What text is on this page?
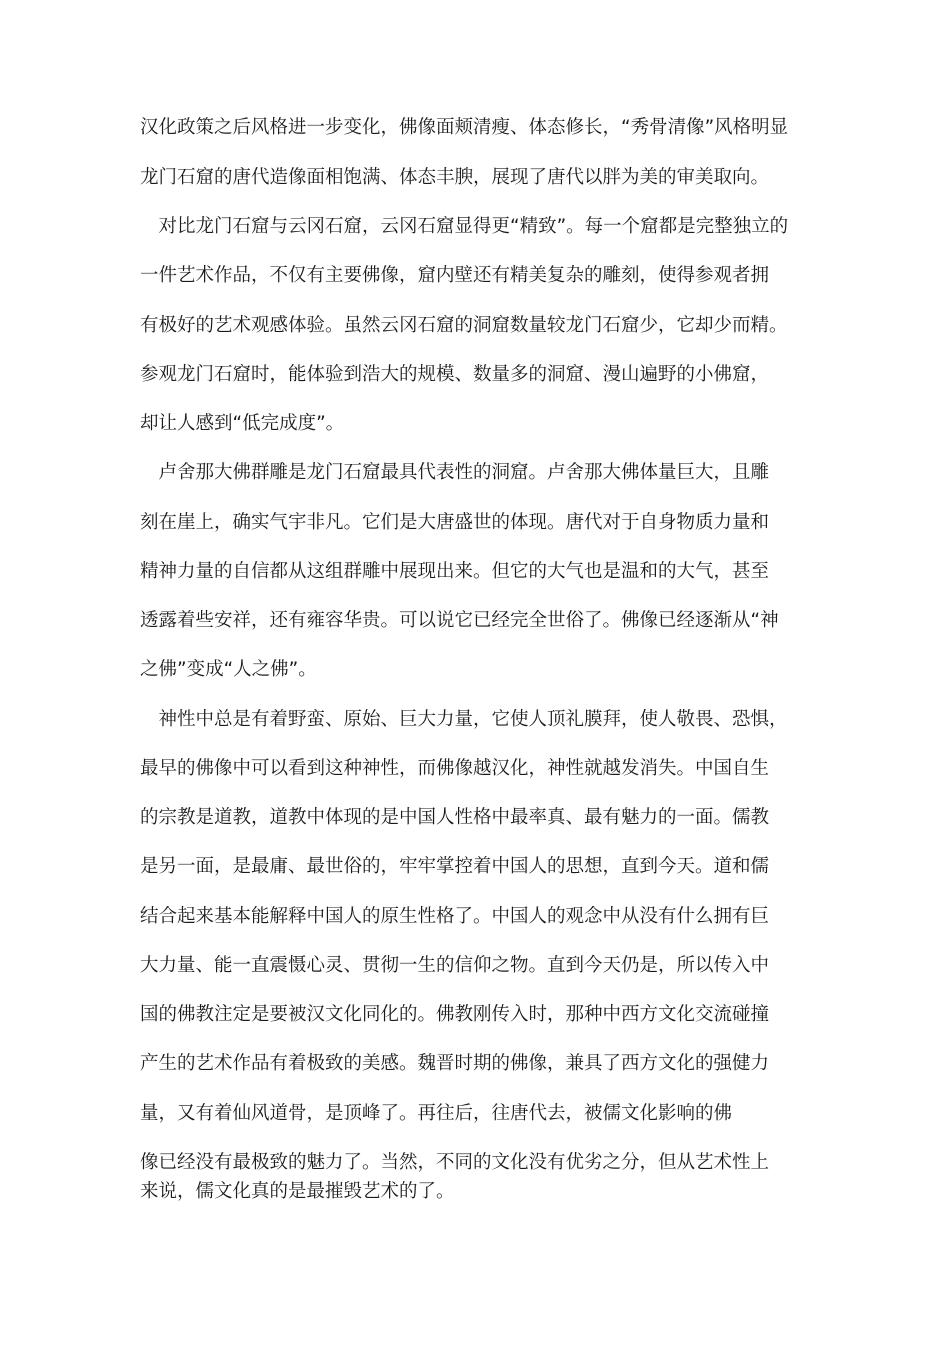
汉化政策之后风格进一步变化，佛像面颊清瘦、体态修长，“秀骨清像”风格明显
龙门石窟的唐代造像面相饱满、体态丰腴，展现了唐代以胖为美的审美取向。
　对比龙门石窟与云冈石窟，云冈石窟显得更“精致”。每一个窟都是完整独立的
一件艺术作品，不仅有主要佛像，窟内壁还有精美复杂的雕刻，使得参观者拥
有极好的艺术观感体验。虽然云冈石窟的洞窟数量较龙门石窟少，它却少而精。
参观龙门石窟时，能体验到浩大的规模、数量多的洞窟、漫山遍野的小佛窟，
却让人感到“低完成度”。
　卢舍那大佛群雕是龙门石窟最具代表性的洞窟。卢舍那大佛体量巨大，且雕
刻在崖上，确实气宇非凡。它们是大唐盛世的体现。唐代对于自身物质力量和
精神力量的自信都从这组群雕中展现出来。但它的大气也是温和的大气，甚至
透露着些安祥，还有雍容华贵。可以说它已经完全世俗了。佛像已经逐渐从“神
之佛”变成“人之佛”。
　神性中总是有着野蛮、原始、巨大力量，它使人顶礼膜拜，使人敬畏、恐惧，
最早的佛像中可以看到这种神性，而佛像越汉化，神性就越发消失。中国自生
的宗教是道教，道教中体现的是中国人性格中最率真、最有魅力的一面。儒教
是另一面，是最庸、最世俗的，牢牢掌控着中国人的思想，直到今天。道和儒
结合起来基本能解释中国人的原生性格了。中国人的观念中从没有什么拥有巨
大力量、能一直震慑心灵、贯彻一生的信仰之物。直到今天仍是，所以传入中
国的佛教注定是要被汉文化同化的。佛教刚传入时，那种中西方文化交流碰撞
产生的艺术作品有着极致的美感。魏晋时期的佛像，兼具了西方文化的强健力
量，又有着仙风道骨，是顶峰了。再往后，往唐代去，被儒文化影响的佛
像已经没有最极致的魅力了。当然，不同的文化没有优劣之分，但从艺术性上
来说，儒文化真的是最摧毁艺术的了。
